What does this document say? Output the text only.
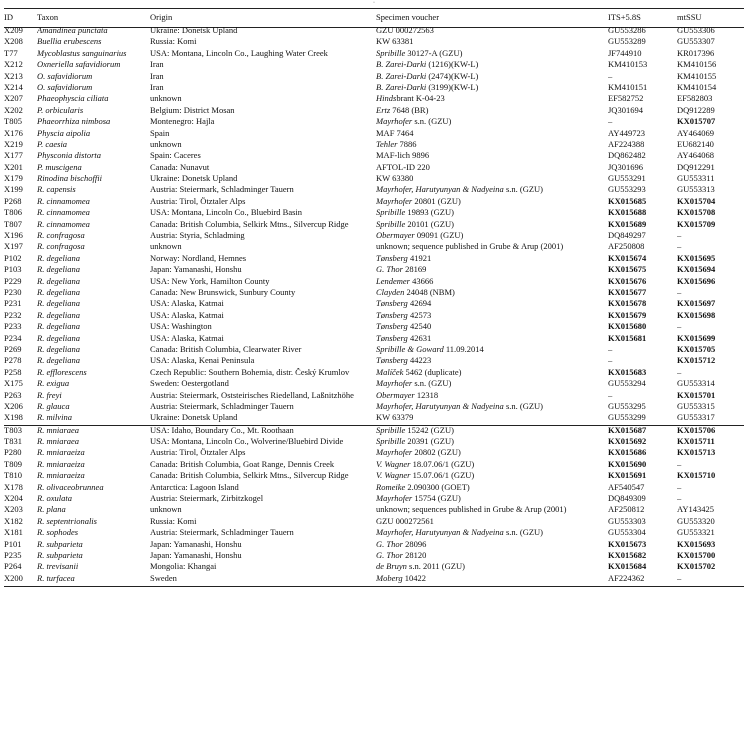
·
ID	Taxon	Origin	Specimen voucher	ITS+5.8S	mtSSU
X209	Amandinea punctata	Ukraine: Donetsk Upland	GZU 000272563	GU553286	GU553306
X208	Buellia erubescens	Russia: Komi	KW 63381	GU553289	GU553307
T77	Mycoblastus sanguinarius	USA: Montana, Lincoln Co., Laughing Water Creek	Spribille 30127-A (GZU)	JF744910	KR017396
X212	Oxneriella safavidiorum	Iran	B. Zarei-Darki (1216)(KW-L)	KM410153	KM410156
X213	O. safavidiorum	Iran	B. Zarei-Darki (2474)(KW-L)	–	KM410155
X214	O. safavidiorum	Iran	B. Zarei-Darki (3199)(KW-L)	KM410151	KM410154
X207	Phaeophyscia ciliata	unknown	Hindsbrant K-04-23	EF582752	EF582803
X202	P. orbicularis	Belgium: District Mosan	Ertz 7648 (BR)	JQ301694	DQ912289
T805	Phaeorrhiza nimbosa	Montenegro: Hajla	Mayrhofer s.n. (GZU)	–	KX015707
X176	Physcia aipolia	Spain	MAF 7464	AY449723	AY464069
X219	P. caesia	unknown	Tehler 7886	AF224388	EU682140
X177	Physconia distorta	Spain: Caceres	MAF-lich 9896	DQ862482	AY464068
X201	P. muscigena	Canada: Nunavut	AFTOL-ID 220	JQ301696	DQ912291
X179	Rinodina bischoffii	Ukraine: Donetsk Upland	KW 63380	GU553291	GU553311
X199	R. capensis	Austria: Steiermark, Schladminger Tauern	Mayrhofer, Harutyunyan & Nadyeina s.n. (GZU)	GU553293	GU553313
P268	R. cinnamomea	Austria: Tirol, Ötztaler Alps	Mayrhofer 20801 (GZU)	KX015685	KX015704
T806	R. cinnamomea	USA: Montana, Lincoln Co., Bluebird Basin	Spribille 19893 (GZU)	KX015688	KX015708
T807	R. cinnamomea	Canada: British Columbia, Selkirk Mtns., Silvercup Ridge	Spribille 20101 (GZU)	KX015689	KX015709
X196	R. confragosa	Austria: Styria, Schladming	Obermayer 09091 (GZU)	DQ849297	–
X197	R. confragosa	unknown	unknown; sequence published in Grube & Arup (2001)	AF250808	–
P102	R. degeliana	Norway: Nordland, Hemnes	Tønsberg 41921	KX015674	KX015695
P103	R. degeliana	Japan: Yamanashi, Honshu	G. Thor 28169	KX015675	KX015694
P229	R. degeliana	USA: New York, Hamilton County	Lendemer 43666	KX015676	KX015696
P230	R. degeliana	Canada: New Brunswick, Sunbury County	Clayden 24048 (NBM)	KX015677	–
P231	R. degeliana	USA: Alaska, Katmai	Tønsberg 42694	KX015678	KX015697
P232	R. degeliana	USA: Alaska, Katmai	Tønsberg 42573	KX015679	KX015698
P233	R. degeliana	USA: Washington	Tønsberg 42540	KX015680	–
P234	R. degeliana	USA: Alaska, Katmai	Tønsberg 42631	KX015681	KX015699
P269	R. degeliana	Canada: British Columbia, Clearwater River	Spribille & Goward 11.09.2014	–	KX015705
P278	R. degeliana	USA: Alaska, Kenai Peninsula	Tønsberg 44223	–	KX015712
P258	R. efflorescens	Czech Republic: Southern Bohemia, distr. Český Krumlov	Malíček 5462 (duplicate)	KX015683	–
X175	R. exigua	Sweden: Oestergotland	Mayrhofer s.n. (GZU)	GU553294	GU553314
P263	R. freyi	Austria: Steiermark, Oststeirisches Riedelland, Laßnitzhöhe	Obermayer 12318	–	KX015701
X206	R. glauca	Austria: Steiermark, Schladminger Tauern	Mayrhofer, Harutyunyan & Nadyeina s.n. (GZU)	GU553295	GU553315
X198	R. milvina	Ukraine: Donetsk Upland	KW 63379	GU553299	GU553317
T803	R. mniaraea	USA: Idaho, Boundary Co., Mt. Roothaan	Spribille 15242 (GZU)	KX015687	KX015706
T831	R. mniaraea	USA: Montana, Lincoln Co., Wolverine/Bluebird Divide	Spribille 20391 (GZU)	KX015692	KX015711
P280	R. mniaraeiza	Austria: Tirol, Ötztaler Alps	Mayrhofer 20802 (GZU)	KX015686	KX015713
T809	R. mniaraeiza	Canada: British Columbia, Goat Range, Dennis Creek	V. Wagner 18.07.06/1 (GZU)	KX015690	–
T810	R. mniaraeiza	Canada: British Columbia, Selkirk Mtns., Silvercup Ridge	V. Wagner 15.07.06/1 (GZU)	KX015691	KX015710
X178	R. olivaceobrunnea	Antarctica: Lagoon Island	Romeike 2.090300 (GOET)	AF540547	–
X204	R. oxulata	Austria: Steiermark, Zirbitzkogel	Mayrhofer 15754 (GZU)	DQ849309	–
X203	R. plana	unknown	unknown; sequences published in Grube & Arup (2001)	AF250812	AY143425
X182	R. septentrionalis	Russia: Komi	GZU 000272561	GU553303	GU553320
X181	R. sophodes	Austria: Steiermark, Schladminger Tauern	Mayrhofer, Harutyunyan & Nadyeina s.n. (GZU)	GU553304	GU553321
P101	R. subparieta	Japan: Yamanashi, Honshu	G. Thor 28096	KX015673	KX015693
P235	R. subparieta	Japan: Yamanashi, Honshu	G. Thor 28120	KX015682	KX015700
P264	R. trevisanii	Mongolia: Khangai	de Bruyn s.n. 2011 (GZU)	KX015684	KX015702
X200	R. turfacea	Sweden	Moberg 10422	AF224362	–
